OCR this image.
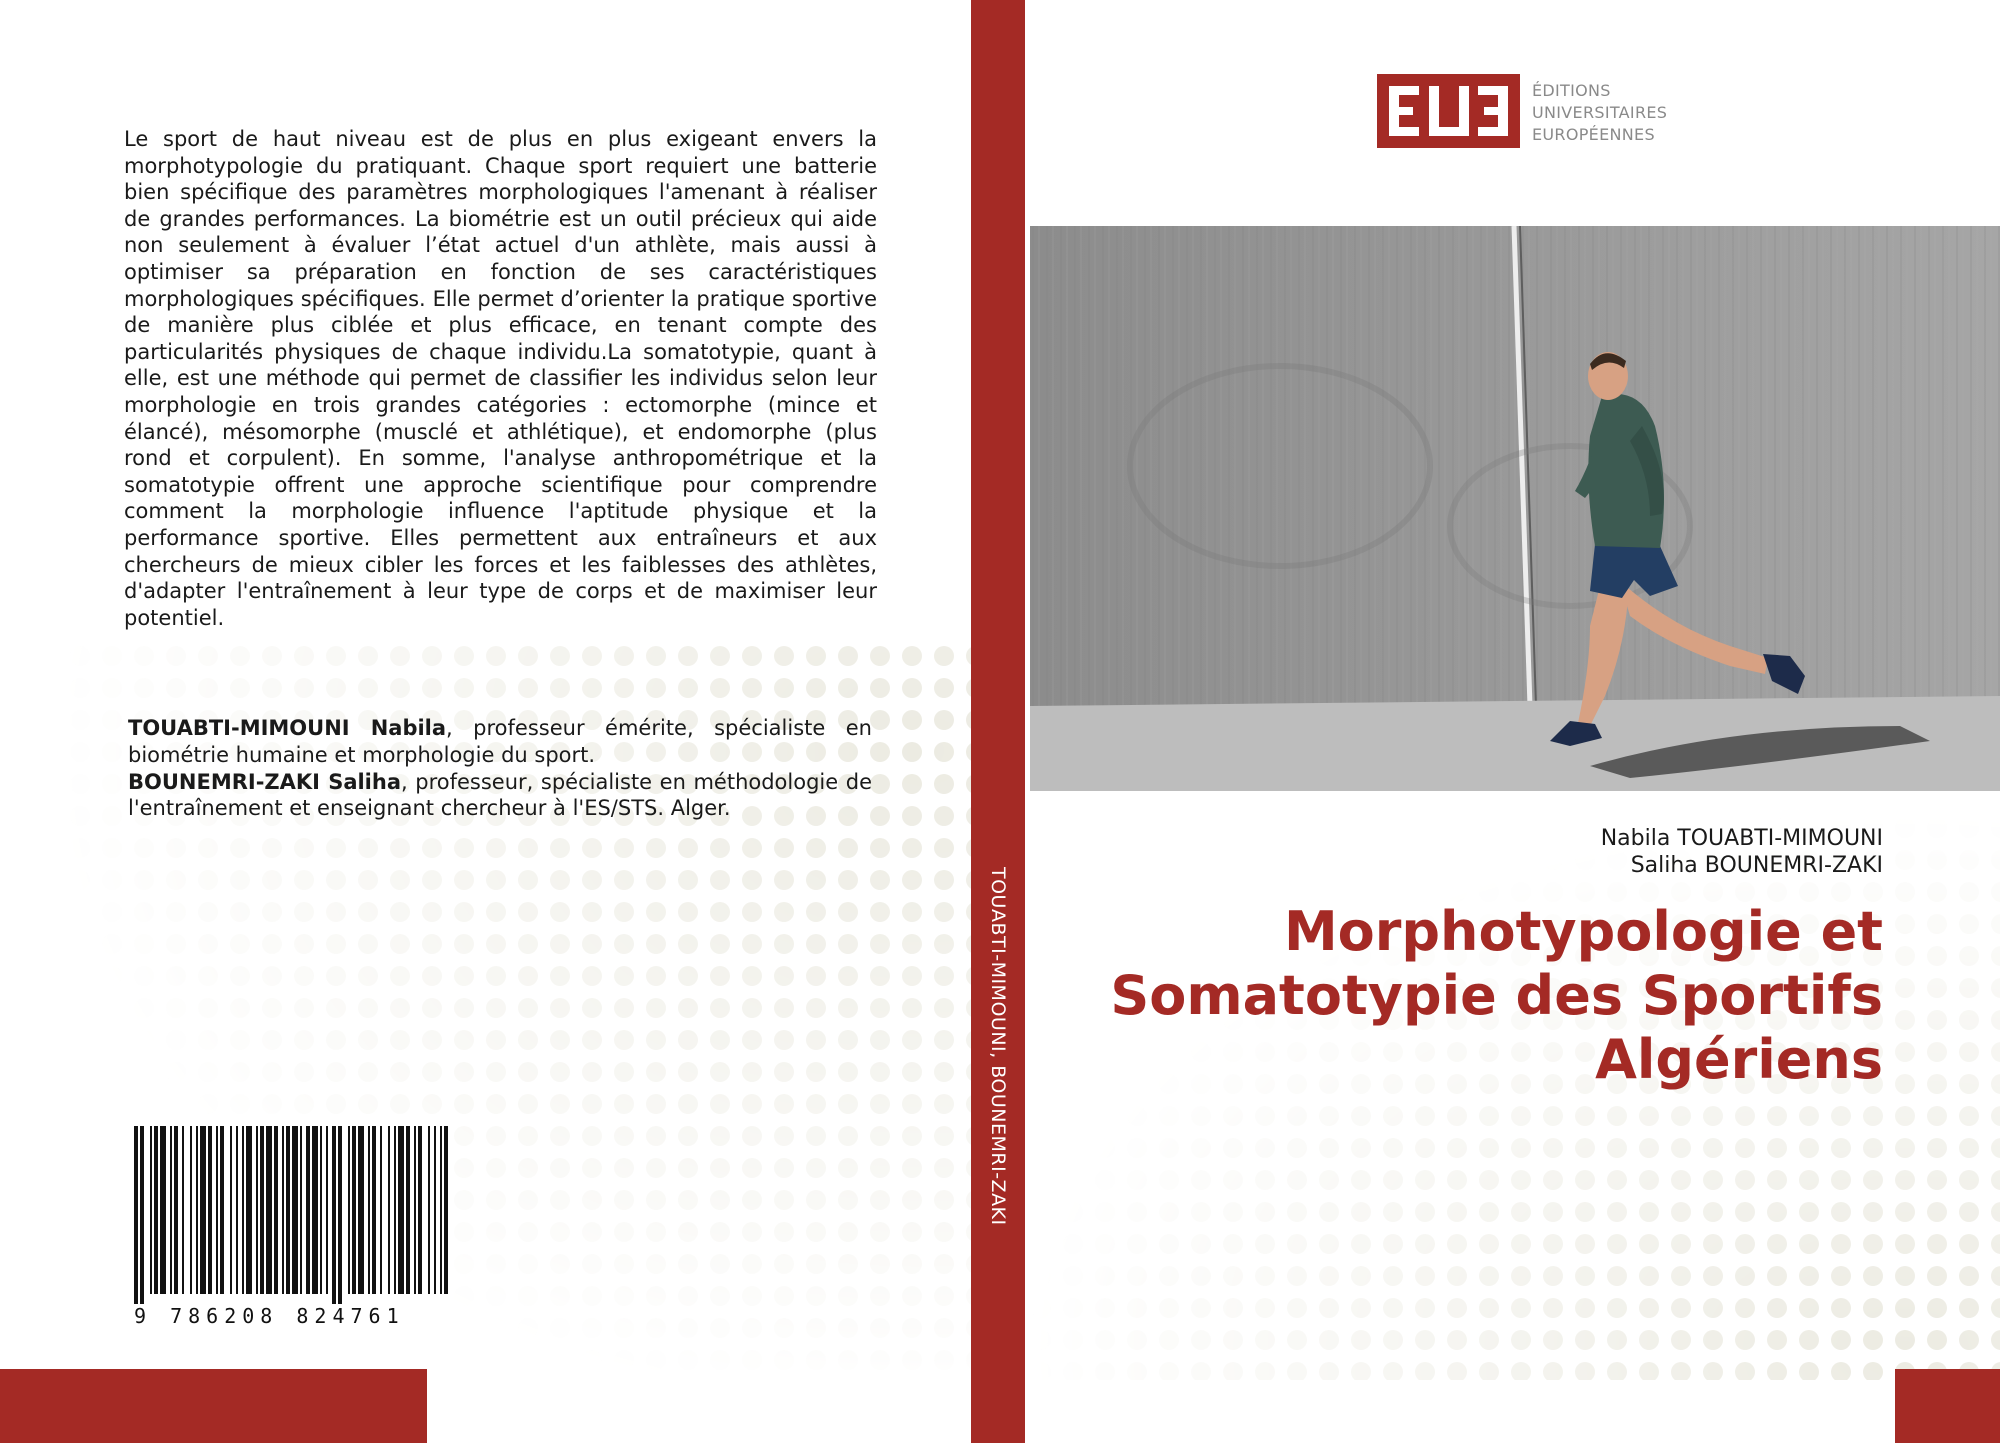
Le sport de haut niveau est de plus en plus exigeant envers la morphotypologie du pratiquant. Chaque sport requiert une batterie bien spécifique des paramètres morphologiques l'amenant à réaliser de grandes performances. La biométrie est un outil précieux qui aide non seulement à évaluer l’état actuel d'un athlète, mais aussi à optimiser sa préparation en fonction de ses caractéristiques morphologiques spécifiques. Elle permet d’orienter la pratique sportive de manière plus ciblée et plus efficace, en tenant compte des particularités physiques de chaque individu.La somatotypie, quant à elle, est une méthode qui permet de classifier les individus selon leur morphologie en trois grandes catégories : ectomorphe (mince et élancé), mésomorphe (musclé et athlétique), et endomorphe (plus rond et corpulent). En somme, l'analyse anthropométrique et la somatotypie offrent une approche scientifique pour comprendre comment la morphologie influence l'aptitude physique et la performance sportive. Elles permettent aux entraîneurs et aux chercheurs de mieux cibler les forces et les faiblesses des athlètes, d'adapter l'entraînement à leur type de corps et de maximiser leur potentiel.
TOUABTI-MIMOUNI Nabila, professeur émérite, spécialiste en biométrie humaine et morphologie du sport.
BOUNEMRI-ZAKI Saliha, professeur, spécialiste en méthodologie de l'entraînement et enseignant chercheur à l'ES/STS. Alger.
9 786208 824761
TOUABTI-MIMOUNI, BOUNEMRI-ZAKI
ÉDITIONS
UNIVERSITAIRES
EUROPÉENNES
Nabila TOUABTI-MIMOUNI
Saliha BOUNEMRI-ZAKI
Morphotypologie et
Somatotypie des Sportifs
Algériens
